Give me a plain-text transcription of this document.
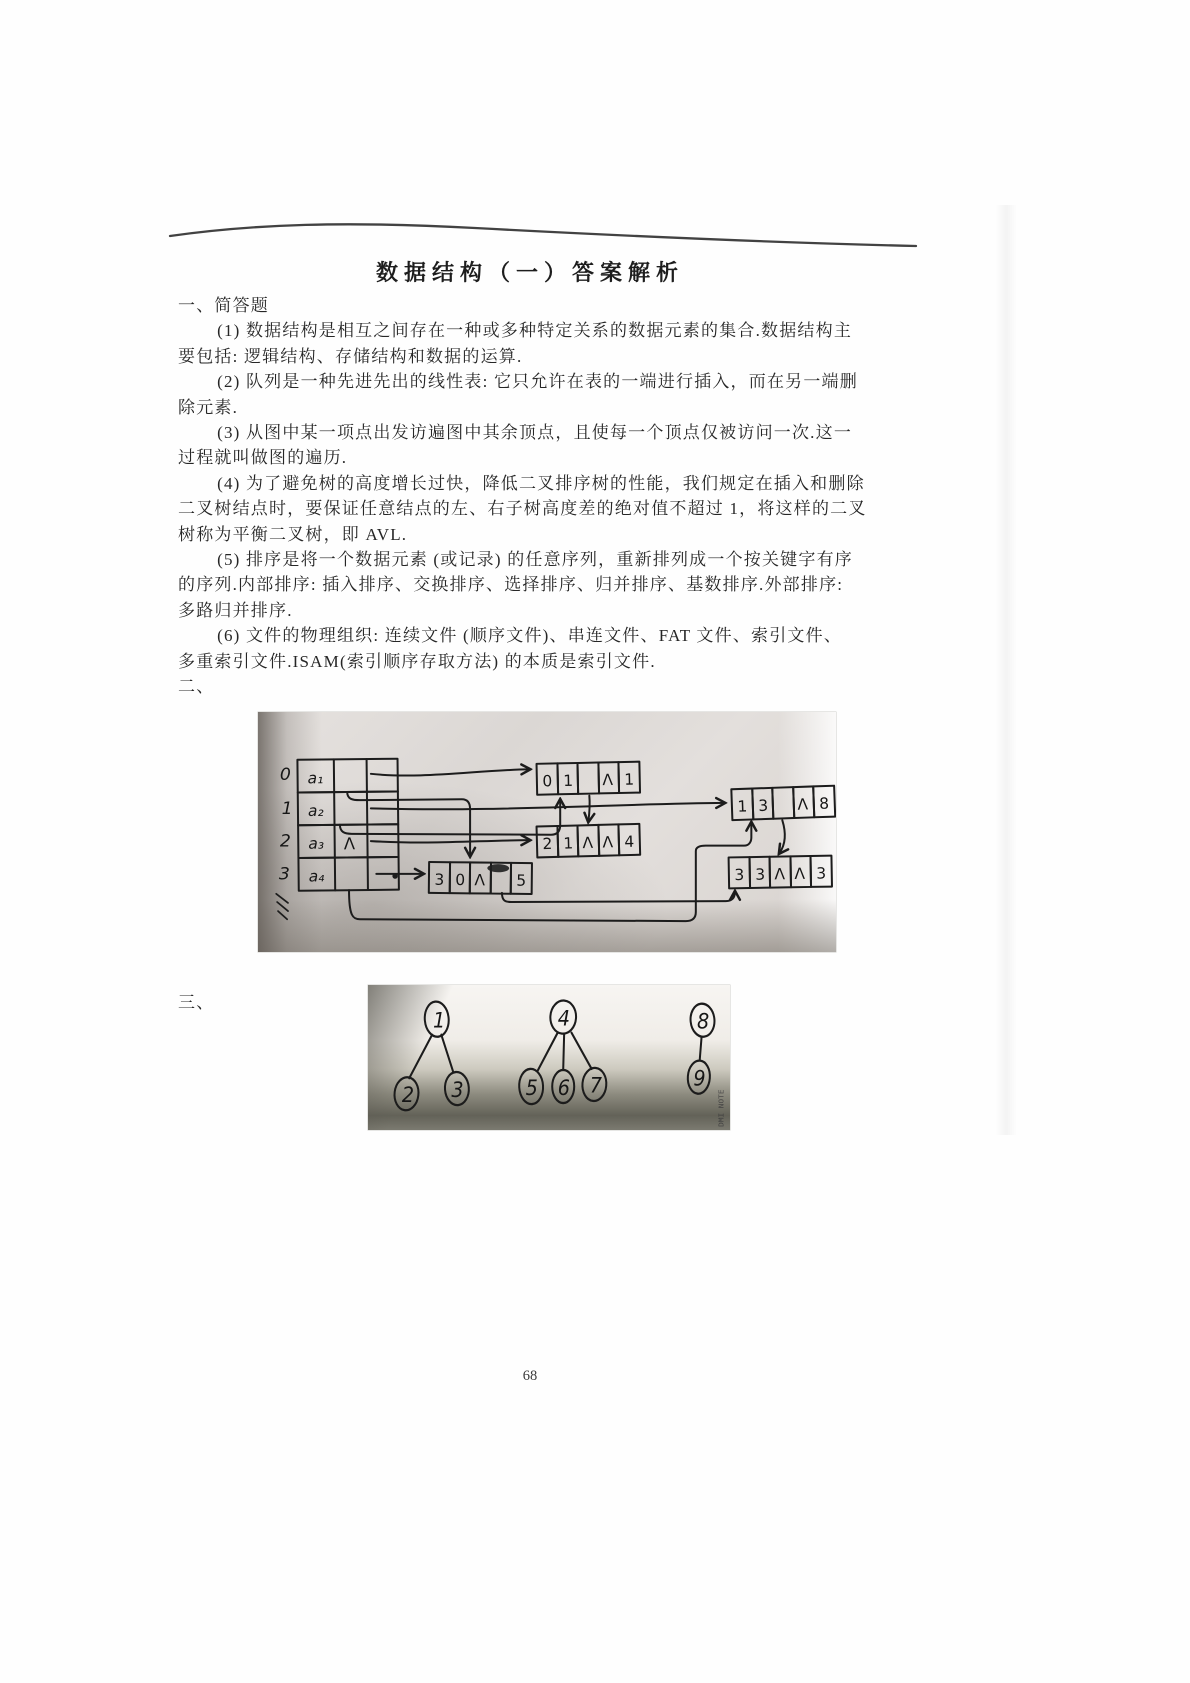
数据结构（一）答案解析
一、简答题
(1) 数据结构是相互之间存在一种或多种特定关系的数据元素的集合.数据结构主
要包括: 逻辑结构、存储结构和数据的运算.
(2) 队列是一种先进先出的线性表: 它只允许在表的一端进行插入，而在另一端删
除元素.
(3) 从图中某一项点出发访遍图中其余顶点，且使每一个顶点仅被访问一次.这一
过程就叫做图的遍历.
(4) 为了避免树的高度增长过快，降低二叉排序树的性能，我们规定在插入和删除
二叉树结点时，要保证任意结点的左、右子树高度差的绝对值不超过 1，将这样的二叉
树称为平衡二叉树，即 AVL.
(5) 排序是将一个数据元素 (或记录) 的任意序列，重新排列成一个按关键字有序
的序列.内部排序: 插入排序、交换排序、选择排序、归并排序、基数排序.外部排序:
多路归并排序.
(6) 文件的物理组织: 连续文件 (顺序文件)、串连文件、FAT 文件、索引文件、
多重索引文件.ISAM(索引顺序存取方法) 的本质是索引文件.
二、
a₁
a₂
a₃
a₄
Λ
0
1
2
3
0 1 Λ 1
1 3 Λ 8
2 1 Λ Λ 4
3 0 Λ 5	3 3 Λ Λ 3
三、
1
2 3
4
5 6 7
8
9
DMI NOTE
68
